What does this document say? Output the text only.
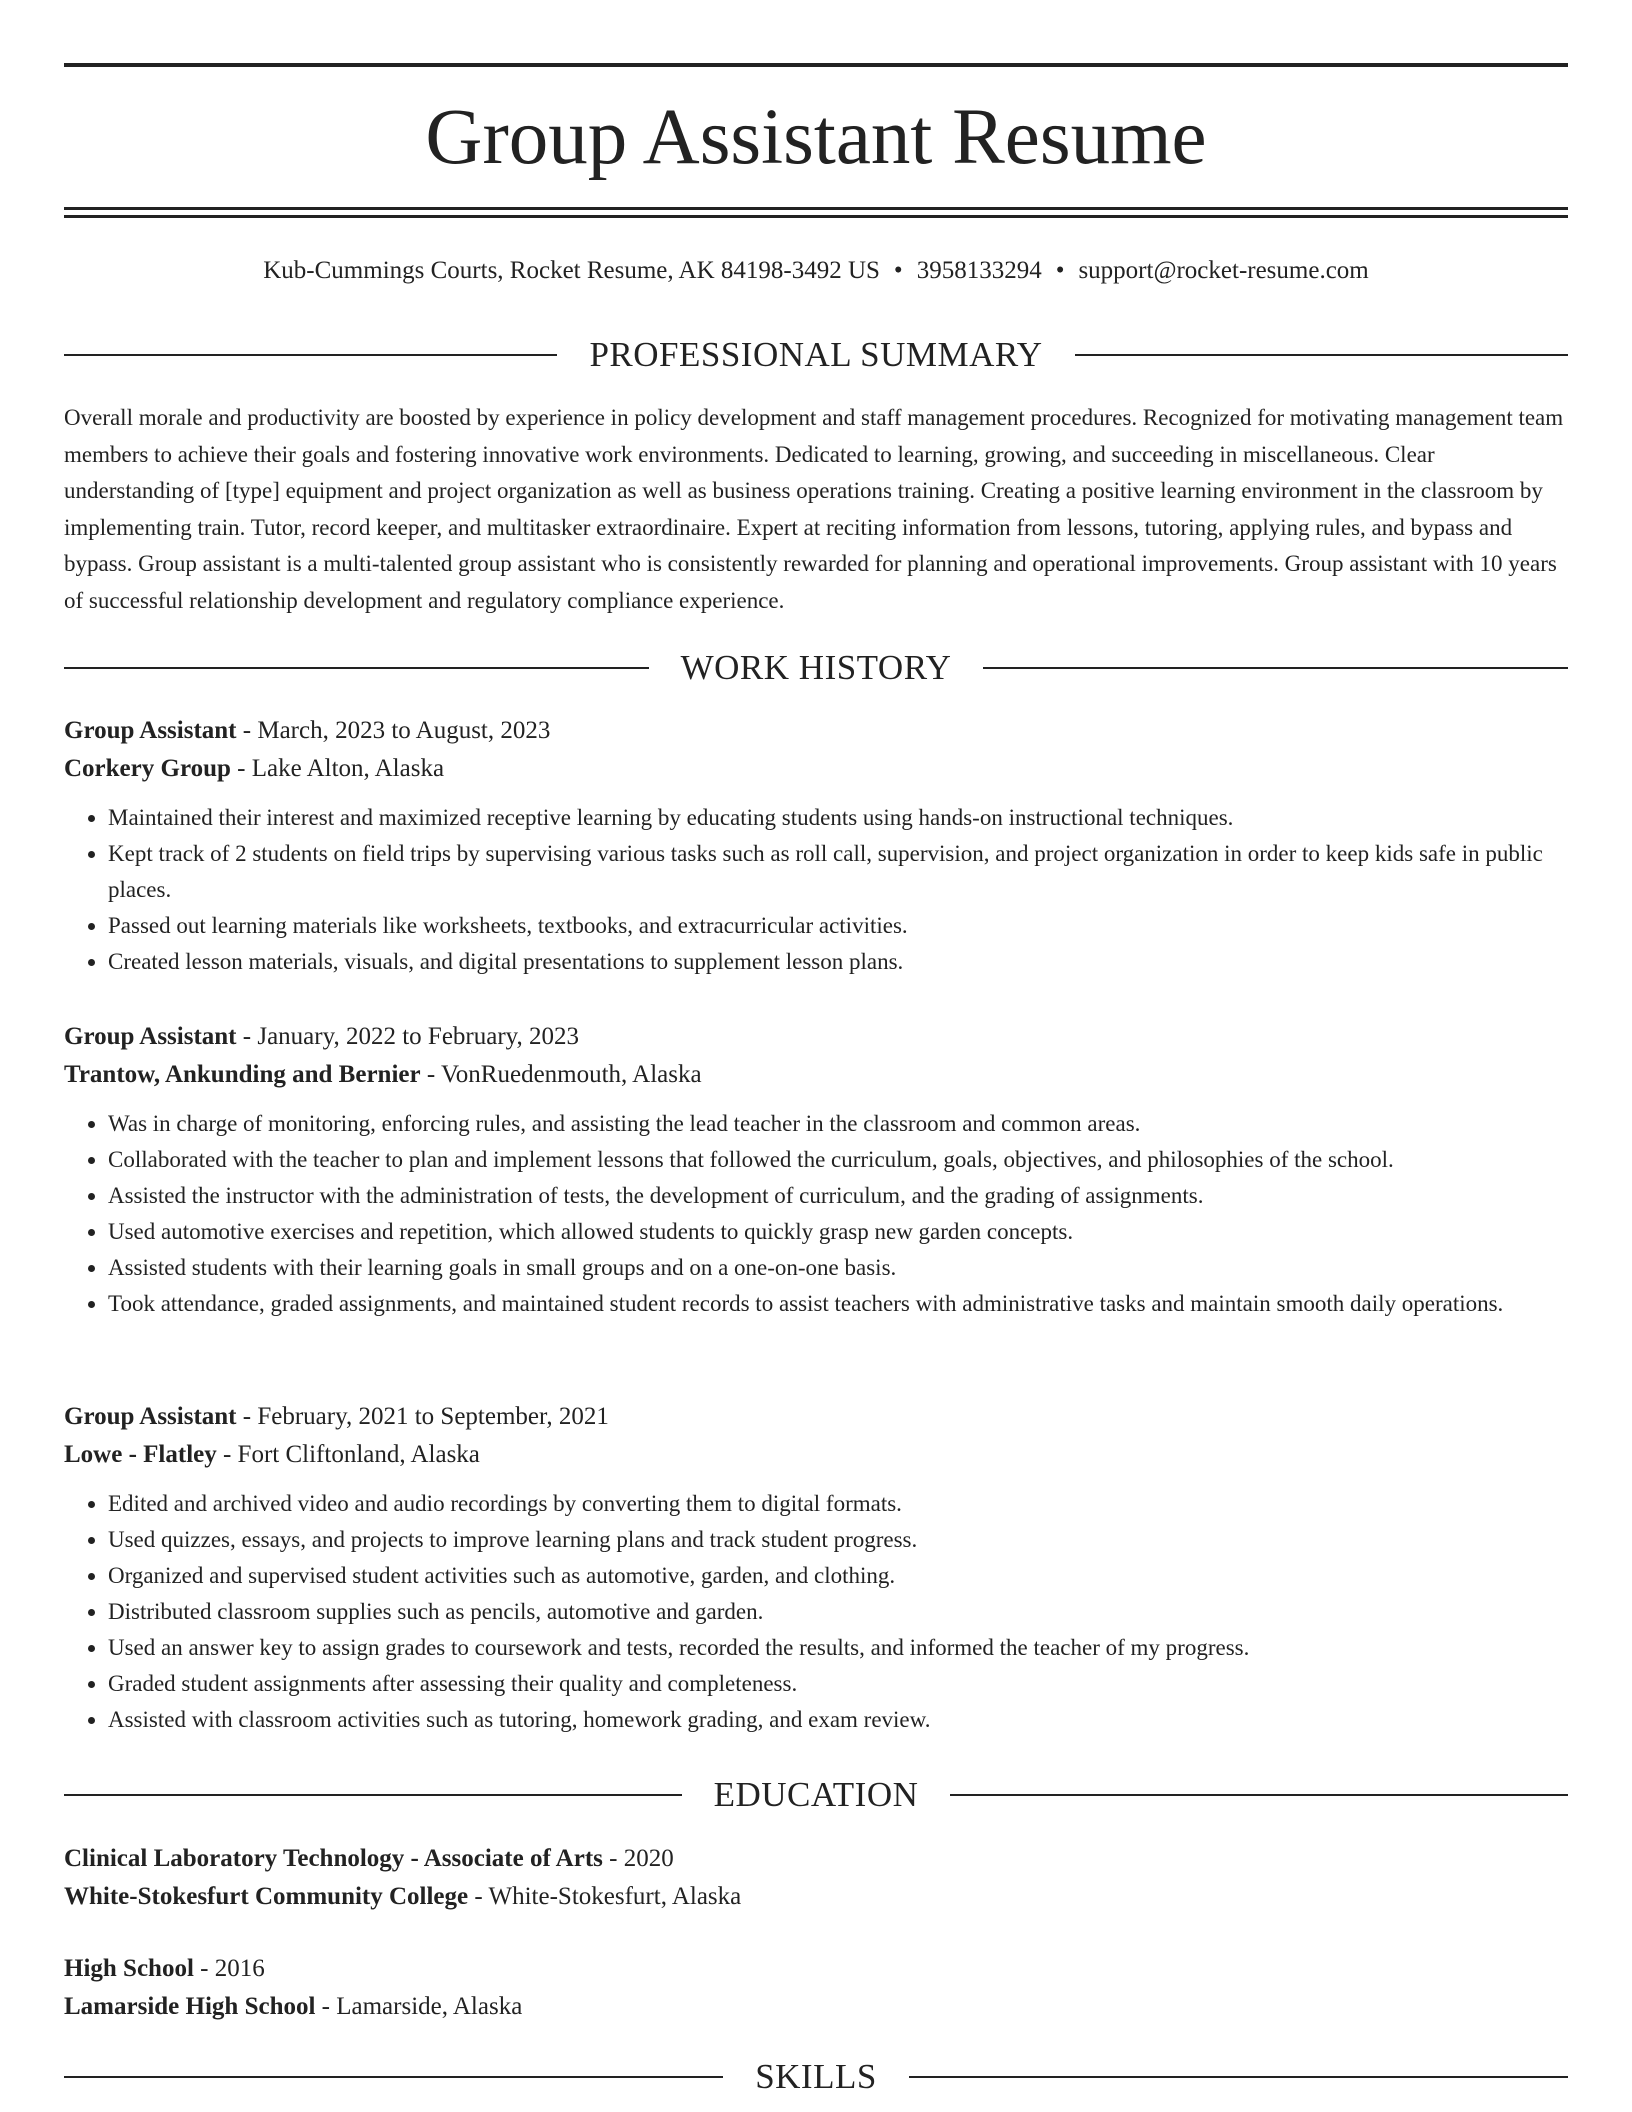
Group Assistant Resume
Kub-Cummings Courts, Rocket Resume, AK 84198-3492 US • 3958133294 • support@rocket-resume.com
PROFESSIONAL SUMMARY

Overall morale and productivity are boosted by experience in policy development and staff management procedures. Recognized for motivating management team members to achieve their goals and fostering innovative work environments. Dedicated to learning, growing, and succeeding in miscellaneous. Clear understanding of [type] equipment and project organization as well as business operations training. Creating a positive learning environment in the classroom by implementing train. Tutor, record keeper, and multitasker extraordinaire. Expert at reciting information from lessons, tutoring, applying rules, and bypass and bypass. Group assistant is a multi-talented group assistant who is consistently rewarded for planning and operational improvements. Group assistant with 10 years of successful relationship development and regulatory compliance experience.

WORK HISTORY
Group Assistant - March, 2023 to August, 2023
Corkery Group - Lake Alton, Alaska
• Maintained their interest and maximized receptive learning by educating students using hands-on instructional techniques.
• Kept track of 2 students on field trips by supervising various tasks such as roll call, supervision, and project organization in order to keep kids safe in public places.
• Passed out learning materials like worksheets, textbooks, and extracurricular activities.
• Created lesson materials, visuals, and digital presentations to supplement lesson plans.
Group Assistant - January, 2022 to February, 2023
Trantow, Ankunding and Bernier - VonRuedenmouth, Alaska
• Was in charge of monitoring, enforcing rules, and assisting the lead teacher in the classroom and common areas.
• Collaborated with the teacher to plan and implement lessons that followed the curriculum, goals, objectives, and philosophies of the school.
• Assisted the instructor with the administration of tests, the development of curriculum, and the grading of assignments.
• Used automotive exercises and repetition, which allowed students to quickly grasp new garden concepts.
• Assisted students with their learning goals in small groups and on a one-on-one basis.
• Took attendance, graded assignments, and maintained student records to assist teachers with administrative tasks and maintain smooth daily operations.
Group Assistant - February, 2021 to September, 2021
Lowe - Flatley - Fort Cliftonland, Alaska
• Edited and archived video and audio recordings by converting them to digital formats.
• Used quizzes, essays, and projects to improve learning plans and track student progress.
• Organized and supervised student activities such as automotive, garden, and clothing.
• Distributed classroom supplies such as pencils, automotive and garden.
• Used an answer key to assign grades to coursework and tests, recorded the results, and informed the teacher of my progress.
• Graded student assignments after assessing their quality and completeness.
• Assisted with classroom activities such as tutoring, homework grading, and exam review.
EDUCATION
Clinical Laboratory Technology - Associate of Arts - 2020
White-Stokesfurt Community College - White-Stokesfurt, Alaska
High School - 2016
Lamarside High School - Lamarside, Alaska
SKILLS
